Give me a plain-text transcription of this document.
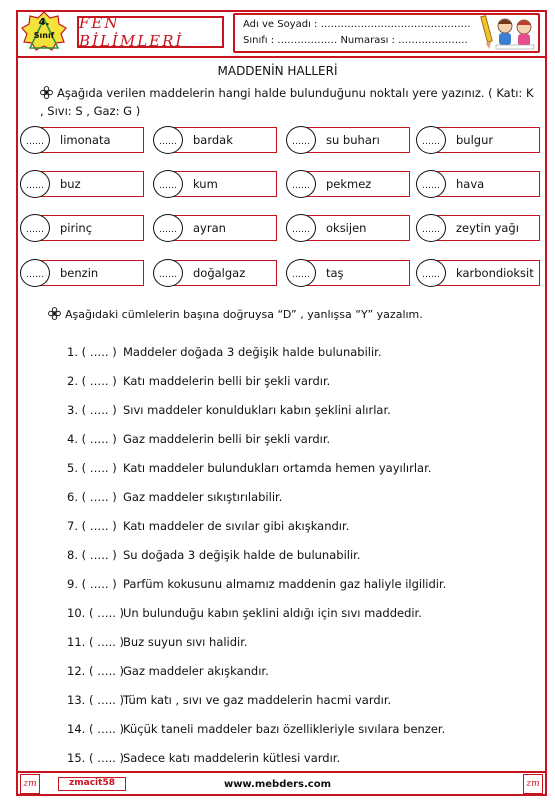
4.
Sınıf
FEN BİLİMLERİ
Adı ve Soyadı : ………………………………………
Sınıfı : ……………… Numarası : ………………...
MADDENİN HALLERİ
Aşağıda verilen maddelerin hangi halde bulunduğunu noktalı yere yazınız. ( Katı: K , Sıvı: S , Gaz: G )
…… limonata	…… bardak	…… su buharı	…… bulgur
…… buz	…… kum	…… pekmez	…… hava
…… pirinç	…… ayran	…… oksijen	…… zeytin yağı
…… benzin	…… doğalgaz	…… taş	…… karbondioksit
Aşağıdaki cümlelerin başına doğruysa “D” , yanlışsa “Y” yazalım.
1. ( ….. ) Maddeler doğada 3 değişik halde bulunabilir.
2. ( ….. ) Katı maddelerin belli bir şekli vardır.
3. ( ….. ) Sıvı maddeler konuldukları kabın şeklini alırlar.
4. ( ….. ) Gaz maddelerin belli bir şekli vardır.
5. ( ….. ) Katı maddeler bulundukları ortamda hemen yayılırlar.
6. ( ….. ) Gaz maddeler sıkıştırılabilir.
7. ( ….. ) Katı maddeler de sıvılar gibi akışkandır.
8. ( ….. ) Su doğada 3 değişik halde de bulunabilir.
9. ( ….. ) Parfüm kokusunu almamız maddenin gaz haliyle ilgilidir.
10. ( ….. )Un bulunduğu kabın şeklini aldığı için sıvı maddedir.
11. ( ….. )Buz suyun sıvı halidir.
12. ( ….. )Gaz maddeler akışkandır.
13. ( ….. )Tüm katı , sıvı ve gaz maddelerin hacmi vardır.
14. ( ….. )Küçük taneli maddeler bazı özellikleriyle sıvılara benzer.
15. ( ….. )Sadece katı maddelerin kütlesi vardır.
zm	zmacit58	www.mebders.com	zm
